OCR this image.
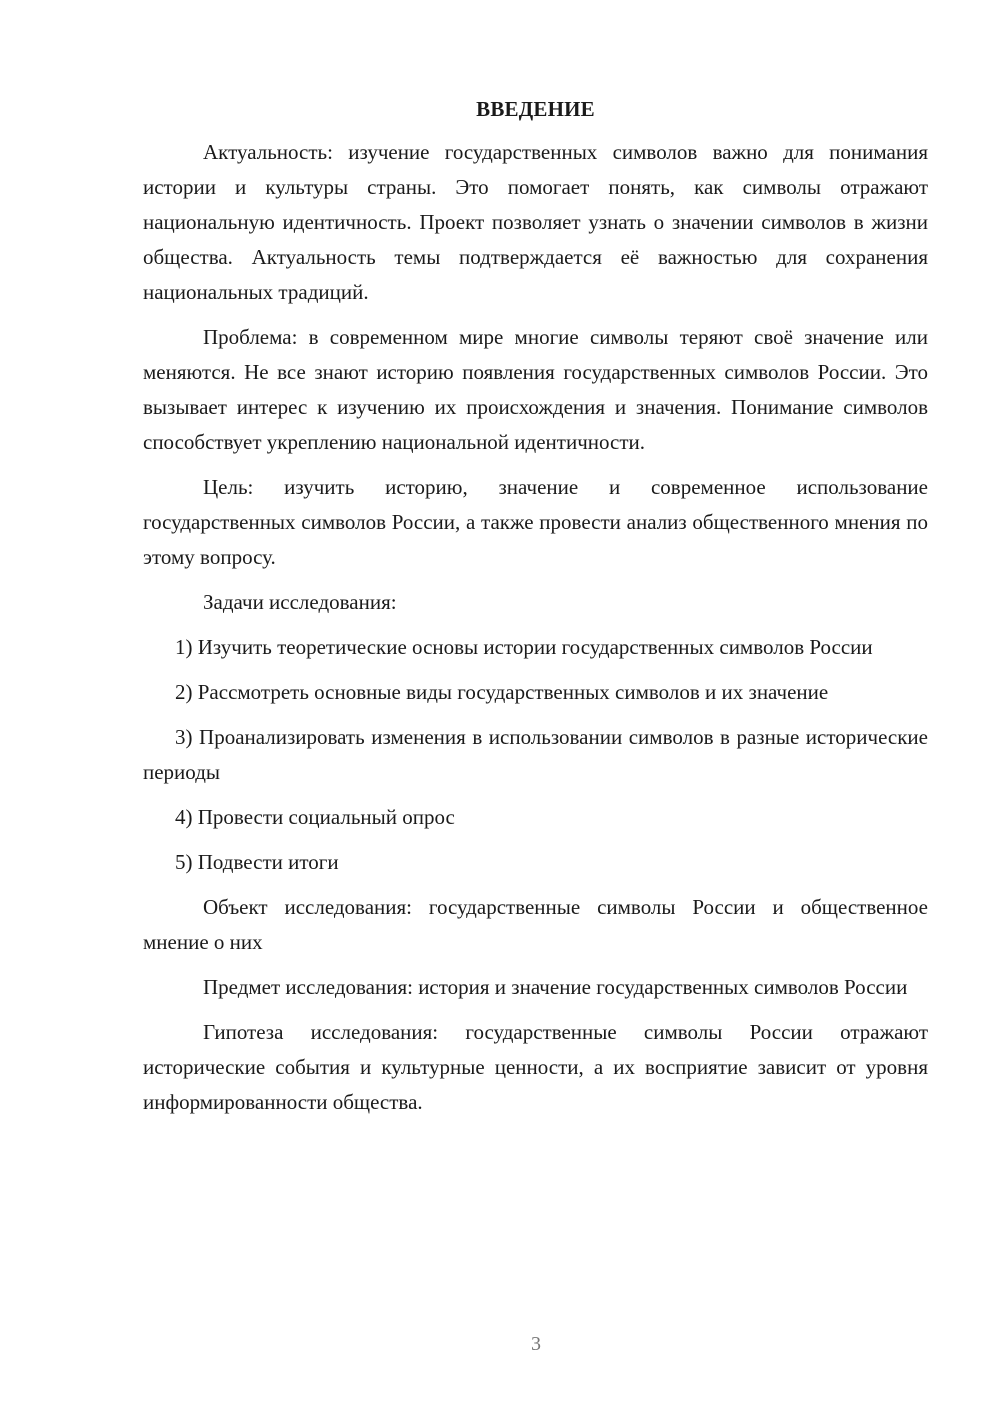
ВВЕДЕНИЕ

Актуальность: изучение государственных символов важно для понимания истории и культуры страны. Это помогает понять, как символы отражают национальную идентичность. Проект позволяет узнать о значении символов в жизни общества. Актуальность темы подтверждается её важностью для сохранения национальных традиций.

Проблема: в современном мире многие символы теряют своё значение или меняются. Не все знают историю появления государственных символов России. Это вызывает интерес к изучению их происхождения и значения. Понимание символов способствует укреплению национальной идентичности.

Цель: изучить историю, значение и современное использование государственных символов России, а также провести анализ общественного мнения по этому вопросу.

Задачи исследования:

1) Изучить теоретические основы истории государственных символов России

2) Рассмотреть основные виды государственных символов и их значение

3) Проанализировать изменения в использовании символов в разные исторические периоды

4) Провести социальный опрос

5) Подвести итоги

Объект исследования: государственные символы России и общественное мнение о них

Предмет исследования: история и значение государственных символов России

Гипотеза исследования: государственные символы России отражают исторические события и культурные ценности, а их восприятие зависит от уровня информированности общества.

3
